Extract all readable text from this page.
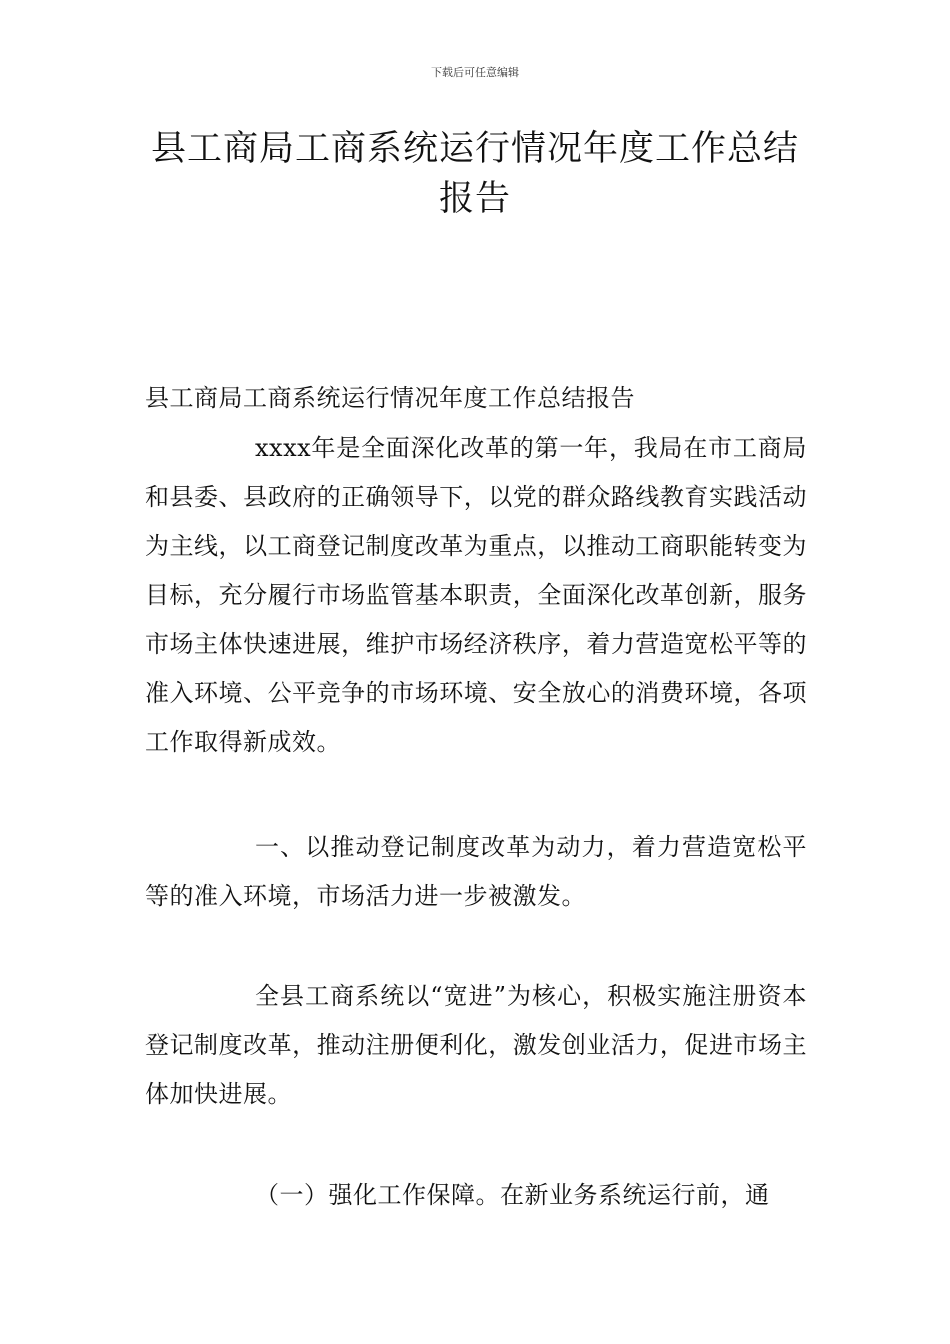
下载后可任意编辑
县工商局工商系统运行情况年度工作总结报告

县工商局工商系统运行情况年度工作总结报告

xxxx年是全面深化改革的第一年，我局在市工商局和县委、县政府的正确领导下，以党的群众路线教育实践活动为主线，以工商登记制度改革为重点，以推动工商职能转变为目标，充分履行市场监管基本职责，全面深化改革创新，服务市场主体快速进展，维护市场经济秩序，着力营造宽松平等的准入环境、公平竞争的市场环境、安全放心的消费环境，各项工作取得新成效。

一、以推动登记制度改革为动力，着力营造宽松平等的准入环境，市场活力进一步被激发。

全县工商系统以“宽进”为核心，积极实施注册资本登记制度改革，推动注册便利化，激发创业活力，促进市场主体加快进展。

（一）强化工作保障。在新业务系统运行前，通
